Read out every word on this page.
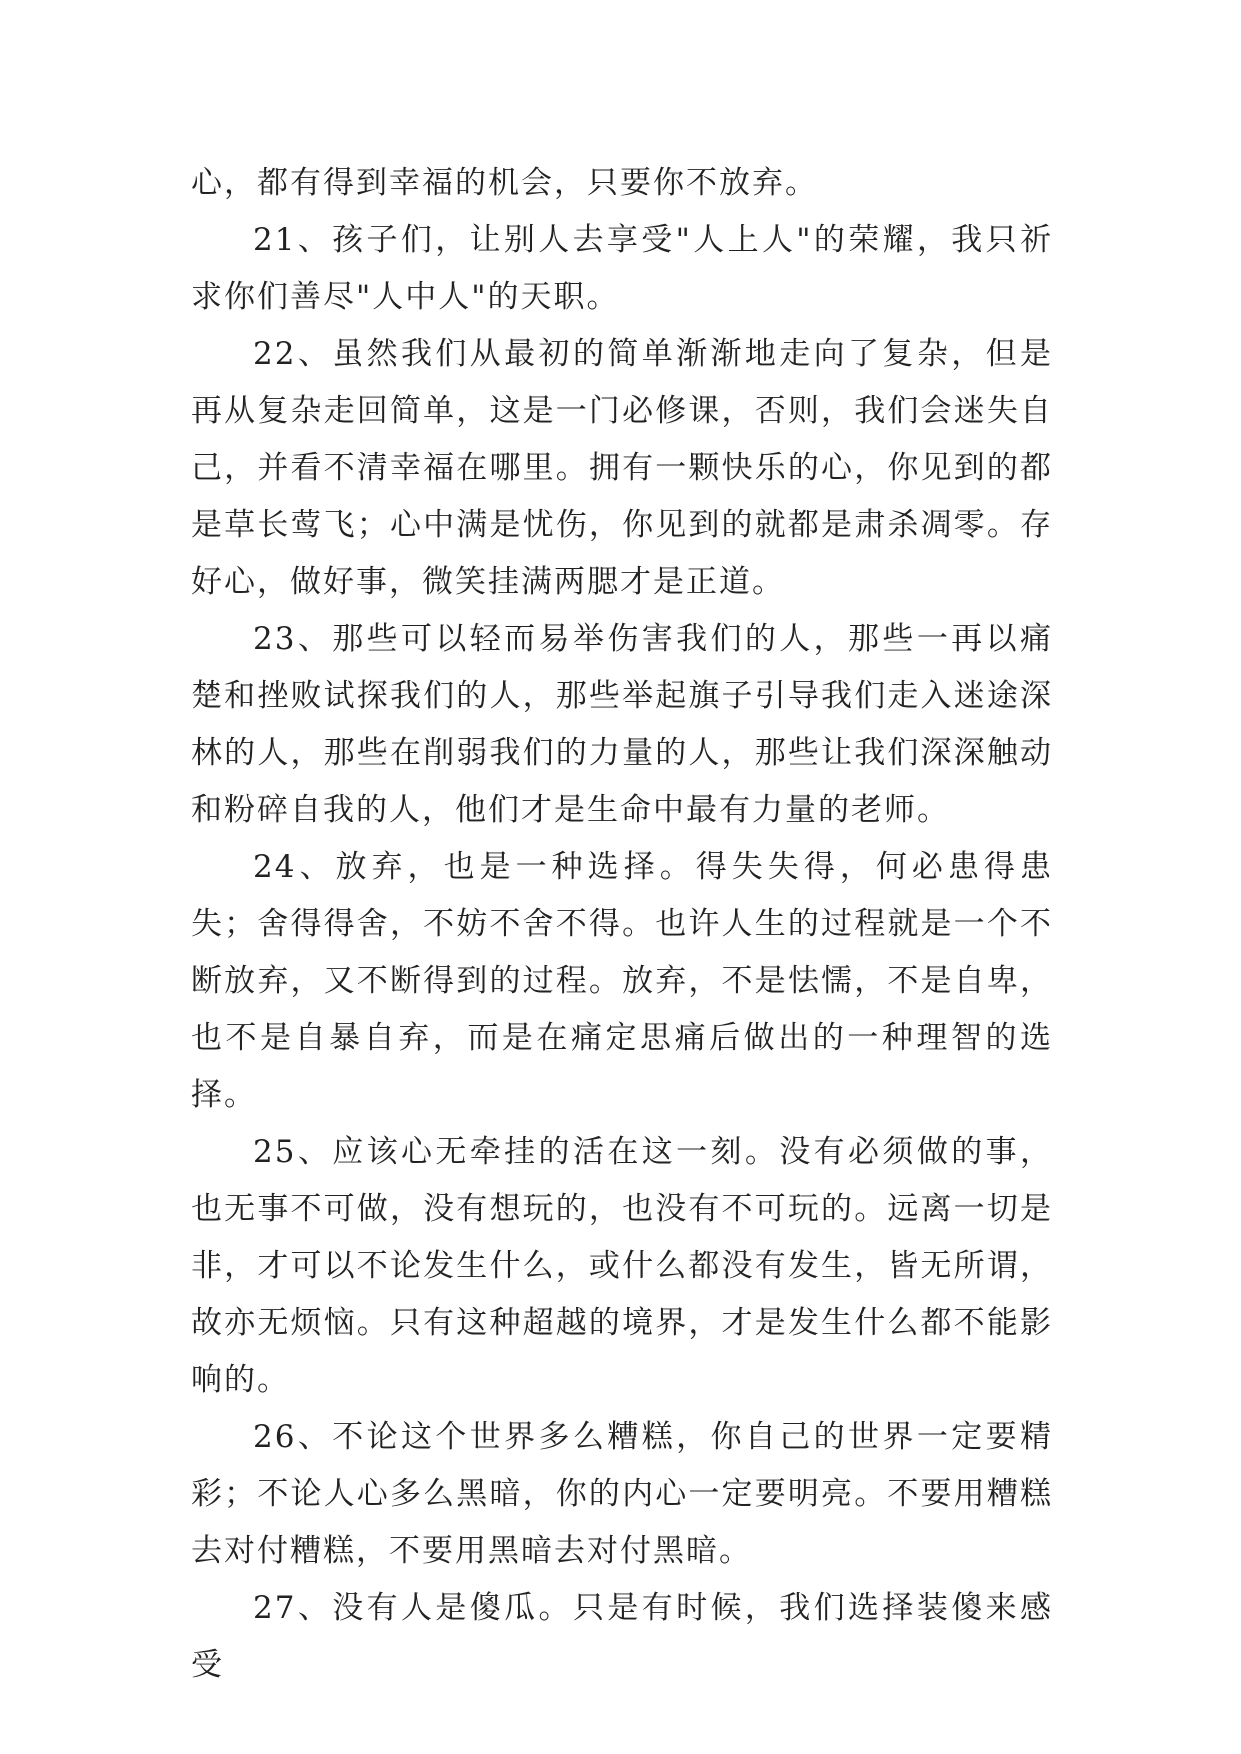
心，都有得到幸福的机会，只要你不放弃。

21、孩子们，让别人去享受"人上人"的荣耀，我只祈求你们善尽"人中人"的天职。

22、虽然我们从最初的简单渐渐地走向了复杂，但是再从复杂走回简单，这是一门必修课，否则，我们会迷失自己，并看不清幸福在哪里。拥有一颗快乐的心，你见到的都是草长莺飞；心中满是忧伤，你见到的就都是肃杀凋零。存好心，做好事，微笑挂满两腮才是正道。

23、那些可以轻而易举伤害我们的人，那些一再以痛楚和挫败试探我们的人，那些举起旗子引导我们走入迷途深林的人，那些在削弱我们的力量的人，那些让我们深深触动和粉碎自我的人，他们才是生命中最有力量的老师。

24、放弃，也是一种选择。得失失得，何必患得患失；舍得得舍，不妨不舍不得。也许人生的过程就是一个不断放弃，又不断得到的过程。放弃，不是怯懦，不是自卑，也不是自暴自弃，而是在痛定思痛后做出的一种理智的选择。

25、应该心无牵挂的活在这一刻。没有必须做的事，也无事不可做，没有想玩的，也没有不可玩的。远离一切是非，才可以不论发生什么，或什么都没有发生，皆无所谓，故亦无烦恼。只有这种超越的境界，才是发生什么都不能影响的。

26、不论这个世界多么糟糕，你自己的世界一定要精彩；不论人心多么黑暗，你的内心一定要明亮。不要用糟糕去对付糟糕，不要用黑暗去对付黑暗。

27、没有人是傻瓜。只是有时候，我们选择装傻来感受
